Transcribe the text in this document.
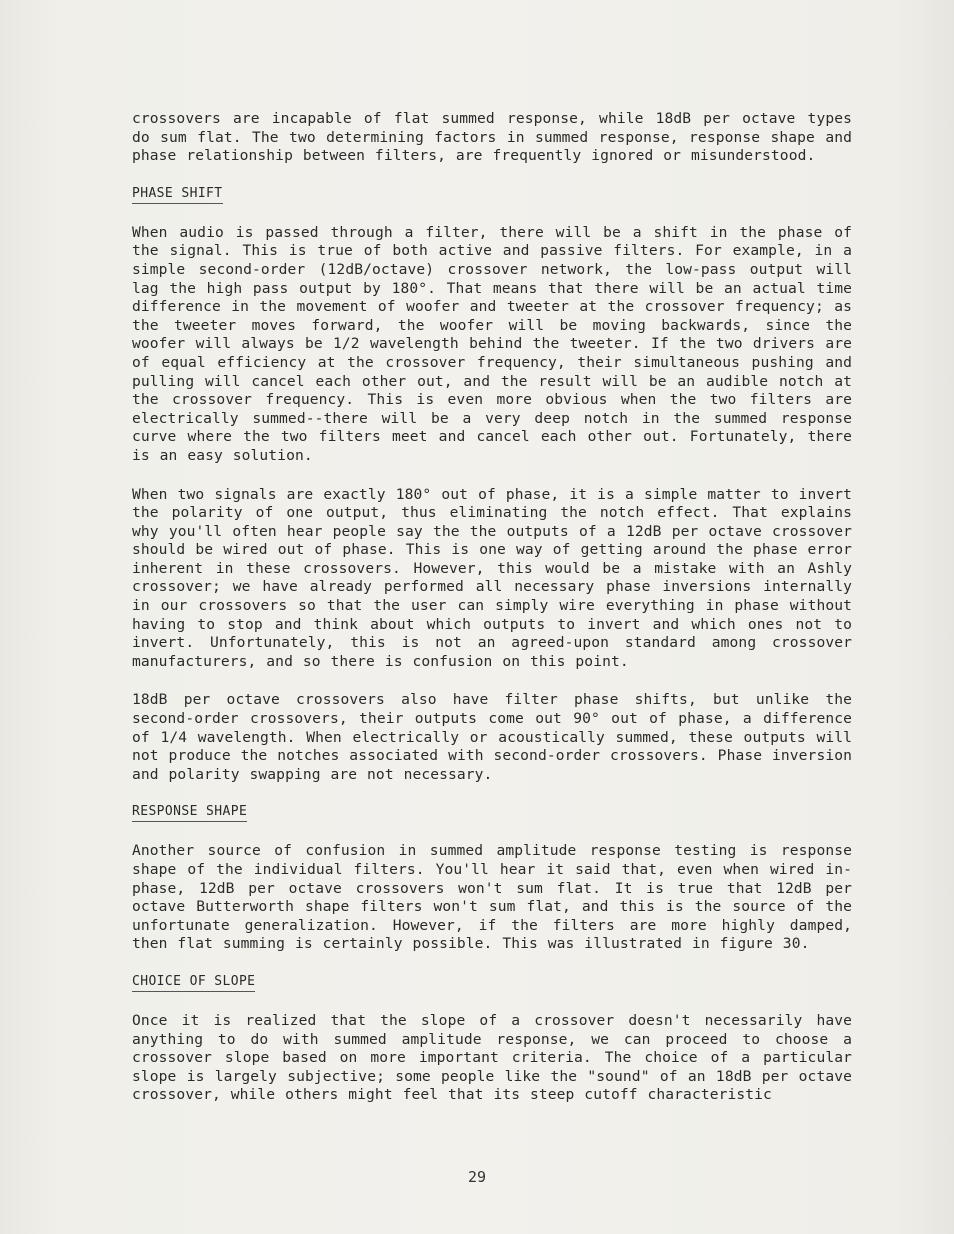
crossovers are incapable of flat summed response, while 18dB per octave types do sum flat. The two determining factors in summed response, response shape and phase relationship between filters, are frequently ignored or misunderstood.

PHASE SHIFT

When audio is passed through a filter, there will be a shift in the phase of the signal. This is true of both active and passive filters. For example, in a simple second-order (12dB/octave) crossover network, the low-pass output will lag the high pass output by 180°. That means that there will be an actual time difference in the movement of woofer and tweeter at the crossover frequency; as the tweeter moves forward, the woofer will be moving backwards, since the woofer will always be 1/2 wavelength behind the tweeter. If the two drivers are of equal efficiency at the crossover frequency, their simultaneous pushing and pulling will cancel each other out, and the result will be an audible notch at the crossover frequency. This is even more obvious when the two filters are electrically summed--there will be a very deep notch in the summed response curve where the two filters meet and cancel each other out. Fortunately, there is an easy solution.

When two signals are exactly 180° out of phase, it is a simple matter to invert the polarity of one output, thus eliminating the notch effect. That explains why you'll often hear people say the the outputs of a 12dB per octave crossover should be wired out of phase. This is one way of getting around the phase error inherent in these crossovers. However, this would be a mistake with an Ashly crossover; we have already performed all necessary phase inversions internally in our crossovers so that the user can simply wire everything in phase without having to stop and think about which outputs to invert and which ones not to invert. Unfortunately, this is not an agreed-upon standard among crossover manufacturers, and so there is confusion on this point.

18dB per octave crossovers also have filter phase shifts, but unlike the second-order crossovers, their outputs come out 90° out of phase, a difference of 1/4 wavelength. When electrically or acoustically summed, these outputs will not produce the notches associated with second-order crossovers. Phase inversion and polarity swapping are not necessary.

RESPONSE SHAPE

Another source of confusion in summed amplitude response testing is response shape of the individual filters. You'll hear it said that, even when wired in-phase, 12dB per octave crossovers won't sum flat. It is true that 12dB per octave Butterworth shape filters won't sum flat, and this is the source of the unfortunate generalization. However, if the filters are more highly damped, then flat summing is certainly possible. This was illustrated in figure 30.

CHOICE OF SLOPE

Once it is realized that the slope of a crossover doesn't necessarily have anything to do with summed amplitude response, we can proceed to choose a crossover slope based on more important criteria. The choice of a particular slope is largely subjective; some people like the "sound" of an 18dB per octave crossover, while others might feel that its steep cutoff characteristic

29
